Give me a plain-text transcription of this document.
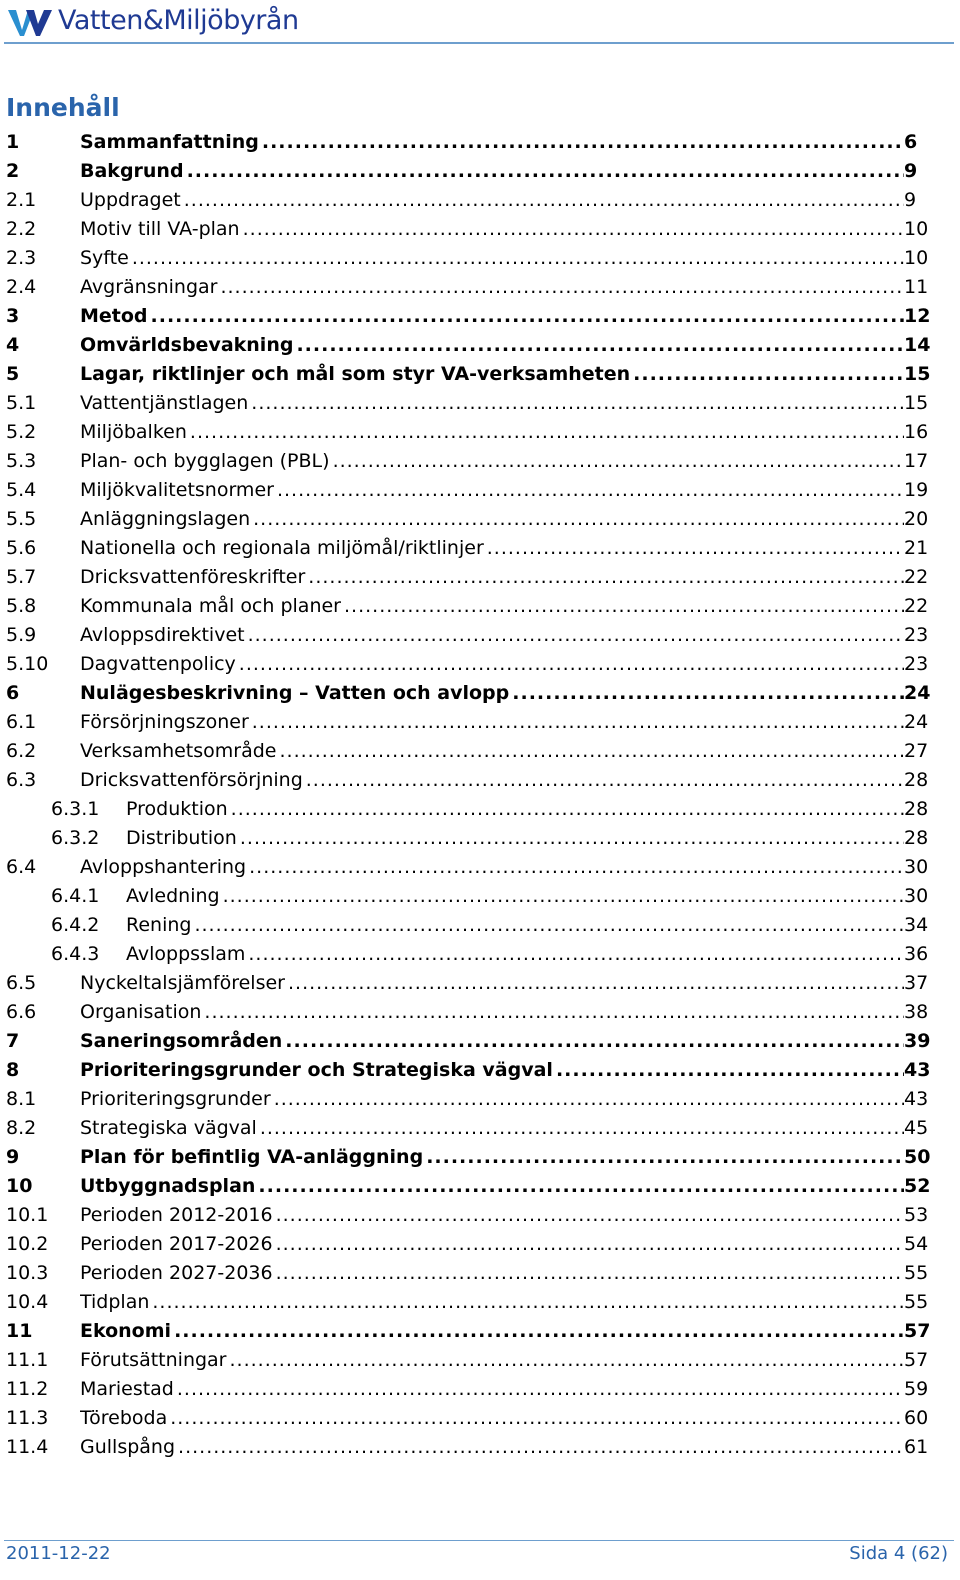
Vatten&Miljöbyrån
Innehåll
1	Sammanfattning .....	6
2	Bakgrund .....	9
2.1 Uppdraget .....	9
2.2 Motiv till VA-plan .....	10
2.3 Syfte .....	10
2.4 Avgränsningar .....	11
3	Metod .....	12
4	Omvärldsbevakning .....	14
5	Lagar, riktlinjer och mål som styr VA-verksamheten .....	15
5.1 Vattentjänstlagen .....	15
5.2 Miljöbalken .....	16
5.3 Plan- och bygglagen (PBL) .....	17
5.4 Miljökvalitetsnormer .....	19
5.5 Anläggningslagen .....	20
5.6 Nationella och regionala miljömål/riktlinjer .....	21
5.7 Dricksvattenföreskrifter .....	22
5.8 Kommunala mål och planer .....	22
5.9 Avloppsdirektivet .....	23
5.10 Dagvattenpolicy .....	23
6	Nulägesbeskrivning – Vatten och avlopp .....	24
6.1 Försörjningszoner .....	24
6.2 Verksamhetsområde .....	27
6.3 Dricksvattenförsörjning .....	28
6.3.1 Produktion .....	28
6.3.2 Distribution .....	28
6.4 Avloppshantering .....	30
6.4.1 Avledning .....	30
6.4.2 Rening .....	34
6.4.3 Avloppsslam .....	36
6.5 Nyckeltalsjämförelser .....	37
6.6 Organisation .....	38
7	Saneringsområden .....	39
8	Prioriteringsgrunder och Strategiska vägval .....	43
8.1 Prioriteringsgrunder .....	43
8.2 Strategiska vägval .....	45
9	Plan för befintlig VA-anläggning .....	50
10	Utbyggnadsplan .....	52
10.1 Perioden 2012-2016 .....	53
10.2 Perioden 2017-2026 .....	54
10.3 Perioden 2027-2036 .....	55
10.4 Tidplan .....	55
11	Ekonomi .....	57
11.1 Förutsättningar .....	57
11.2 Mariestad .....	59
11.3 Töreboda .....	60
11.4 Gullspång .....	61
2011-12-22	Sida 4 (62)
